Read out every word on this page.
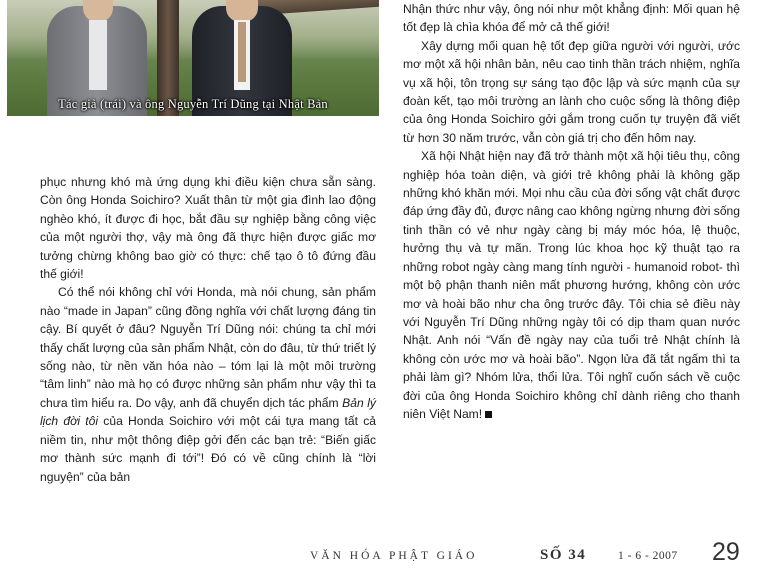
Tác giả (trái) và ông Nguyễn Trí Dũng tại Nhật Bản

phục nhưng khó mà ứng dụng khi điều kiện chưa sẵn sàng. Còn ông Honda Soichiro? Xuất thân từ một gia đình lao động nghèo khó, ít được đi học, bắt đầu sự nghiệp bằng công việc của một người thợ, vậy mà ông đã thực hiện được giấc mơ tưởng chừng không bao giờ có thực: chế tạo ô tô đứng đầu thế giới!

Có thể nói không chỉ với Honda, mà nói chung, sản phẩm nào “made in Japan” cũng đồng nghĩa với chất lượng đáng tin cậy. Bí quyết ở đâu? Nguyễn Trí Dũng nói: chúng ta chỉ mới thấy chất lượng của sản phẩm Nhật, còn do đâu, từ thứ triết lý sống nào, từ nền văn hóa nào – tóm lại là một môi trường “tâm linh” nào mà họ có được những sản phẩm như vậy thì ta chưa tìm hiểu ra. Do vậy, anh đã chuyển dịch tác phẩm Bản lý lịch đời tôi của Honda Soichiro với một cái tựa mang tất cả niềm tin, như một thông điệp gởi đến các bạn trẻ: “Biến giấc mơ thành sức mạnh đi tới”! Đó có về cũng chính là “lời nguyện” của bản

Nhận thức như vậy, ông nói như một khẳng định: Mối quan hệ tốt đẹp là chìa khóa để mở cả thế giới!

Xây dựng mối quan hệ tốt đẹp giữa người với người, ước mơ một xã hội nhân bản, nêu cao tinh thần trách nhiệm, nghĩa vụ xã hội, tôn trọng sự sáng tạo độc lập và sức mạnh của sự đoàn kết, tạo môi trường an lành cho cuộc sống là thông điệp của ông Honda Soichiro gởi gắm trong cuốn tự truyện đã viết từ hơn 30 năm trước, vẫn còn giá trị cho đến hôm nay.

Xã hội Nhật hiện nay đã trở thành một xã hội tiêu thụ, công nghiệp hóa toàn diện, và giới trẻ không phải là không gặp những khó khăn mới. Mọi nhu cầu của đời sống vật chất được đáp ứng đầy đủ, được nâng cao không ngừng nhưng đời sống tinh thần có vẻ như ngày càng bị máy móc hóa, lệ thuộc, hưởng thụ và tự mãn. Trong lúc khoa học kỹ thuật tạo ra những robot ngày càng mang tính người - humanoid robot- thì một bộ phận thanh niên mất phương hướng, không còn ước mơ và hoài bão như cha ông trước đây. Tôi chia sẻ điều này với Nguyễn Trí Dũng những ngày tôi có dịp tham quan nước Nhật. Anh nói “Vấn đề ngày nay của tuổi trẻ Nhật chính là không còn ước mơ và hoài bão”. Ngọn lửa đã tắt ngấm thì ta phải làm gì? Nhóm lửa, thổi lửa. Tôi nghĩ cuốn sách về cuộc đời của ông Honda Soichiro không chỉ dành riêng cho thanh niên Việt Nam!

VĂN HÓA PHẬT GIÁO	SỐ 34	1 - 6 - 2007 29
